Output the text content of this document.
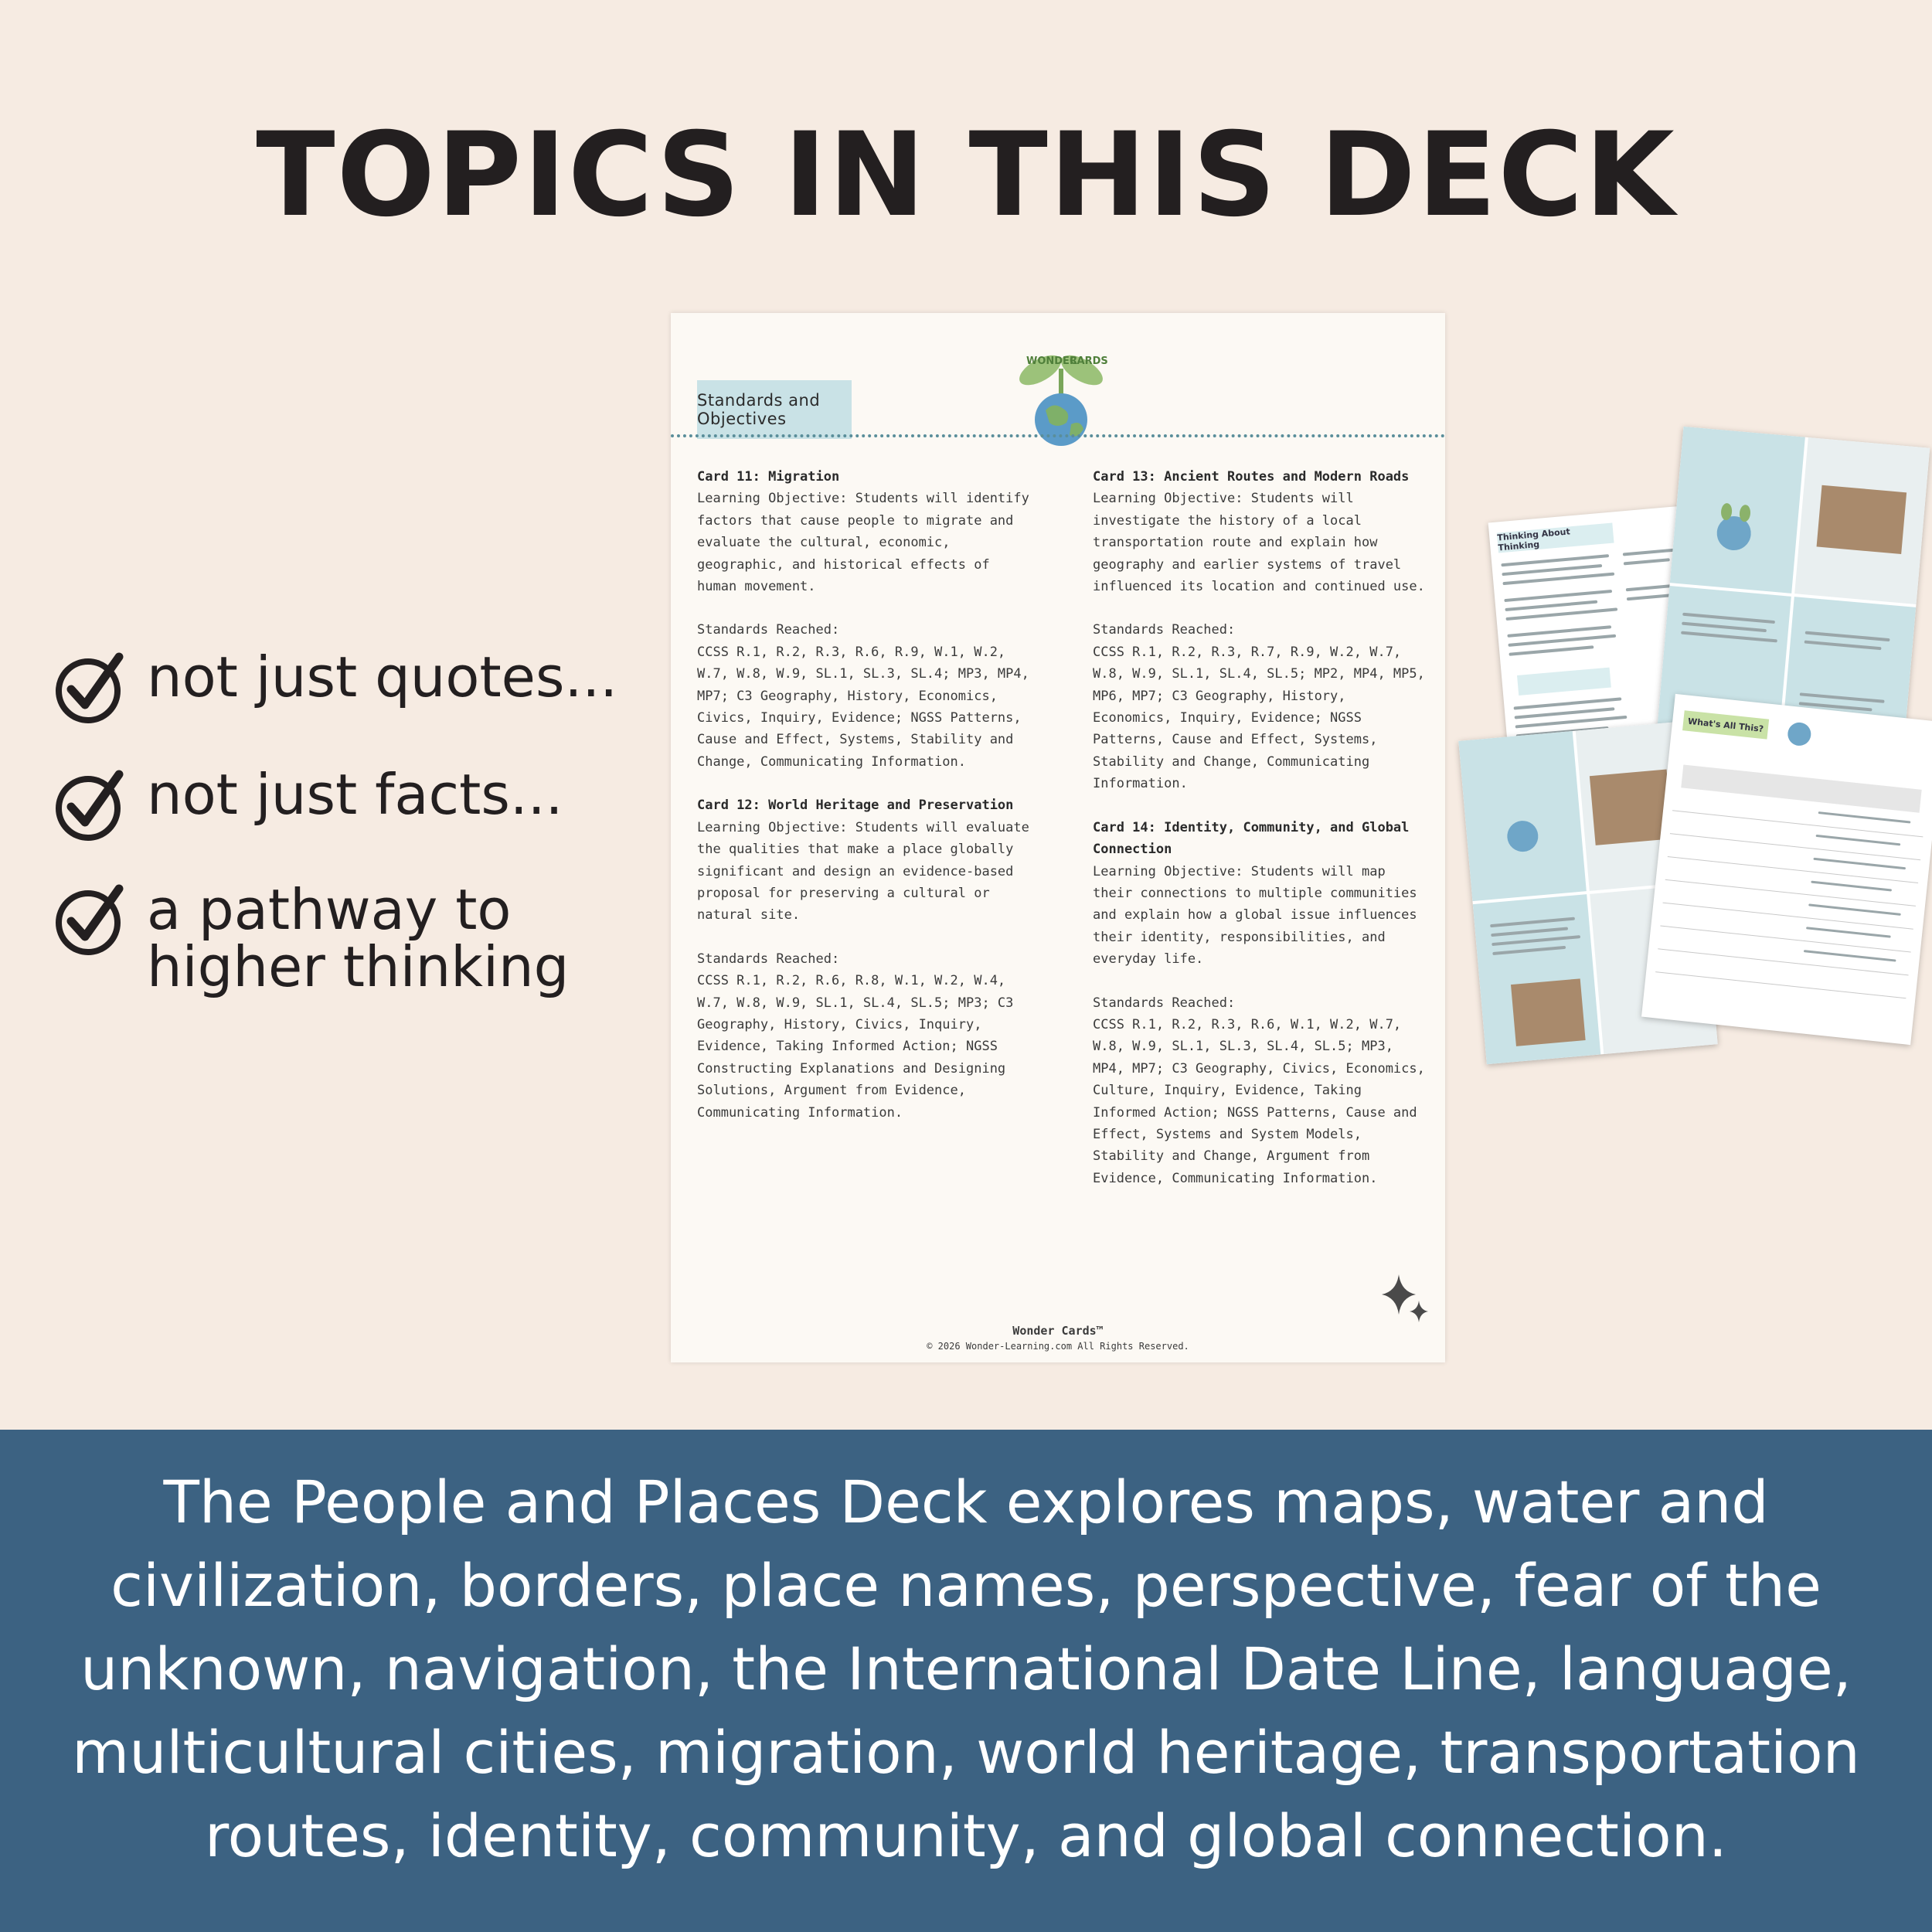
TOPICS IN THIS DECK
not just quotes...
not just facts...
a pathway to higher thinking
Standards and Objectives
WONDER
CARDS

Card 11: Migration

Learning Objective: Students will identify factors that cause people to migrate and evaluate the cultural, economic, geographic, and historical effects of human movement.

Standards Reached:

CCSS R.1, R.2, R.3, R.6, R.9, W.1, W.2, W.7, W.8, W.9, SL.1, SL.3, SL.4; MP3, MP4, MP7; C3 Geography, History, Economics, Civics, Inquiry, Evidence; NGSS Patterns, Cause and Effect, Systems, Stability and Change, Communicating Information.

Card 12: World Heritage and Preservation

Learning Objective: Students will evaluate the qualities that make a place globally significant and design an evidence-based proposal for preserving a cultural or natural site.

Standards Reached:

CCSS R.1, R.2, R.6, R.8, W.1, W.2, W.4, W.7, W.8, W.9, SL.1, SL.4, SL.5; MP3; C3 Geography, History, Civics, Inquiry, Evidence, Taking Informed Action; NGSS Constructing Explanations and Designing Solutions, Argument from Evidence, Communicating Information.

Card 13: Ancient Routes and Modern Roads

Learning Objective: Students will investigate the history of a local transportation route and explain how geography and earlier systems of travel influenced its location and continued use.

Standards Reached:

CCSS R.1, R.2, R.3, R.7, R.9, W.2, W.7, W.8, W.9, SL.1, SL.4, SL.5; MP2, MP4, MP5, MP6, MP7; C3 Geography, History, Economics, Inquiry, Evidence; NGSS Patterns, Cause and Effect, Systems, Stability and Change, Communicating Information.

Card 14: Identity, Community, and Global Connection

Learning Objective: Students will map their connections to multiple communities and explain how a global issue influences their identity, responsibilities, and everyday life.

Standards Reached:

CCSS R.1, R.2, R.3, R.6, W.1, W.2, W.7, W.8, W.9, SL.1, SL.3, SL.4, SL.5; MP3, MP4, MP7; C3 Geography, Civics, Economics, Culture, Inquiry, Evidence, Taking Informed Action; NGSS Patterns, Cause and Effect, Systems and System Models, Stability and Change, Argument from Evidence, Communicating Information.

Wonder Cards™
© 2026 Wonder-Learning.com All Rights Reserved.
Thinking About Thinking
What's All This?

The People and Places Deck explores maps, water and civilization, borders, place names, perspective, fear of the unknown, navigation, the International Date Line, language, multicultural cities, migration, world heritage, transportation routes, identity, community, and global connection.
